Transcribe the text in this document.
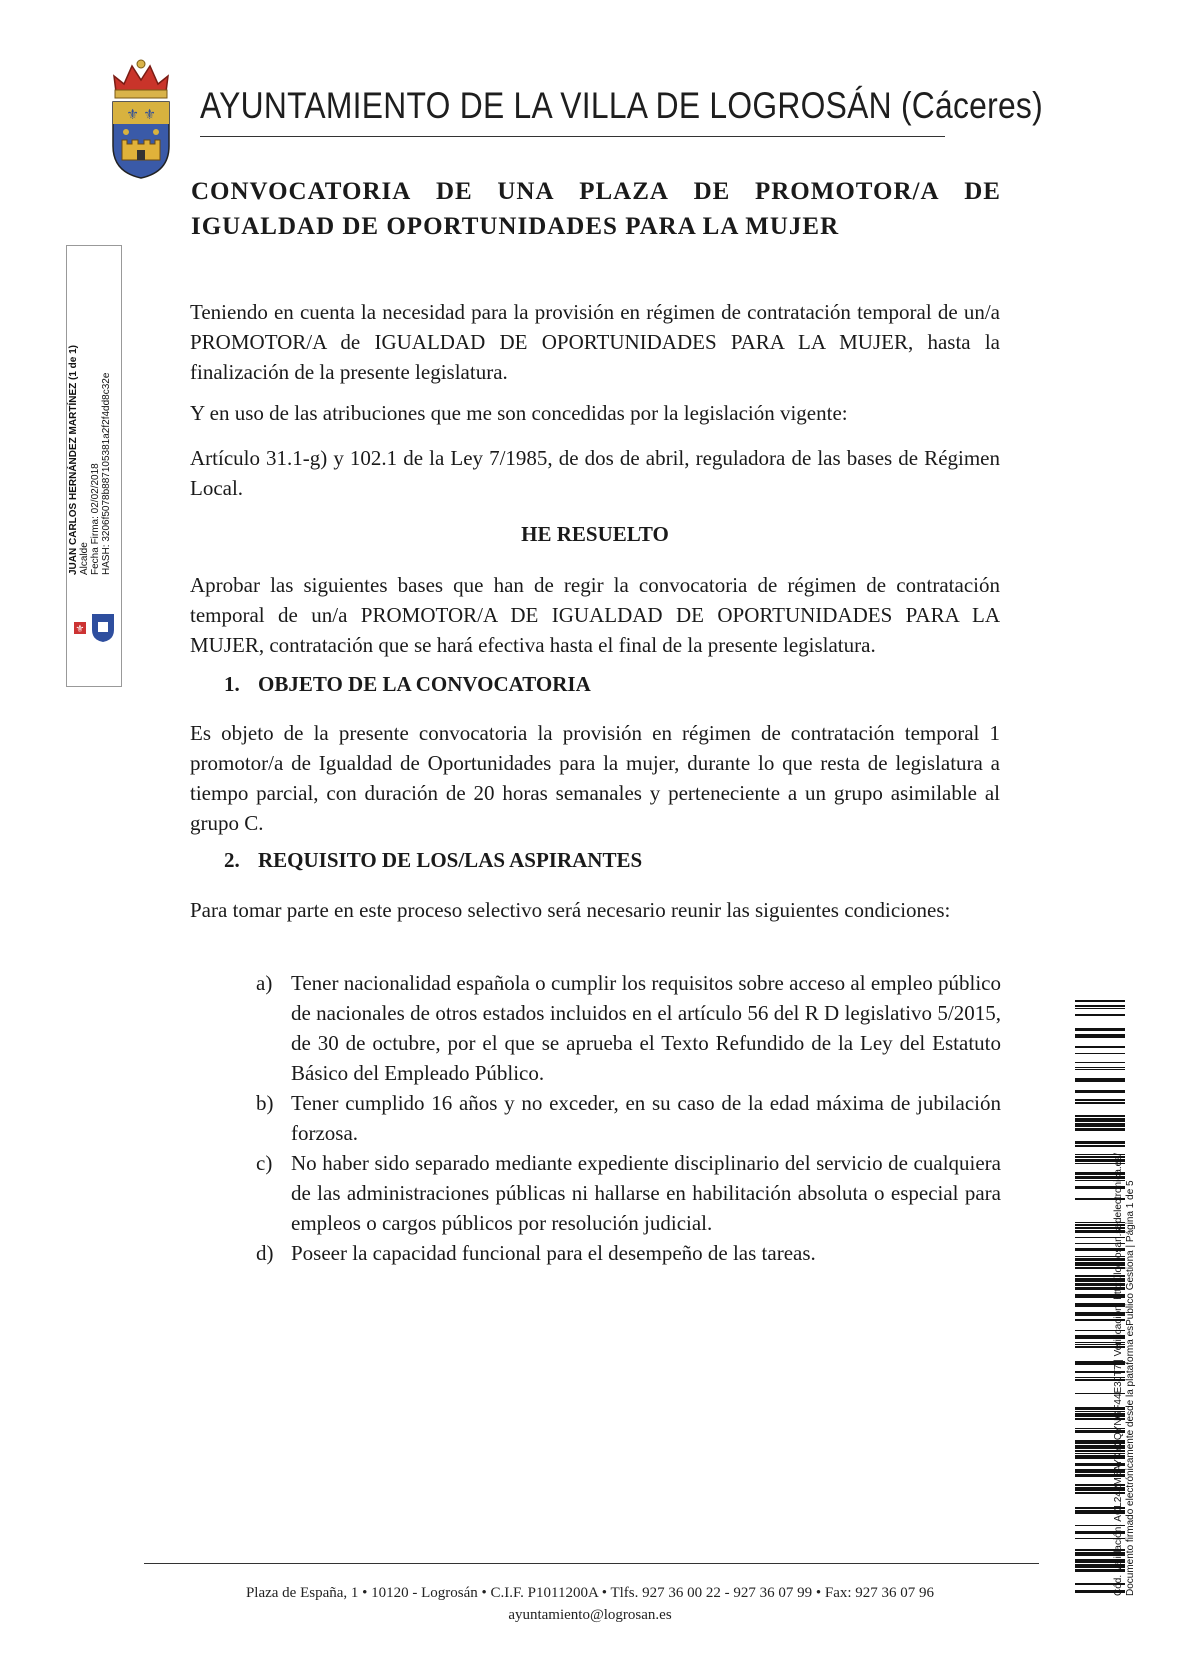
⚜ ⚜ AYUNTAMIENTO DE LA VILLA DE LOGROSÁN (Cáceres)
CONVOCATORIA DE UNA PLAZA DE PROMOTOR/A DE
IGUALDAD DE OPORTUNIDADES PARA LA MUJER
JUAN CARLOS HERNÁNDEZ MARTÍNEZ (1 de 1) Alcalde Fecha Firma: 02/02/2018 HASH: 3206f5078b887105381a2f2f4dd8c32e
⚜

Teniendo en cuenta la necesidad para la provisión en régimen de contratación temporal de un/a PROMOTOR/A de IGUALDAD DE OPORTUNIDADES PARA LA MUJER, hasta la finalización de la presente legislatura.

Y en uso de las atribuciones que me son concedidas por la legislación vigente:

Artículo 31.1-g) y 102.1 de la Ley 7/1985, de dos de abril, reguladora de las bases de Régimen Local.

HE RESUELTO

Aprobar las siguientes bases que han de regir la convocatoria de régimen de contratación temporal de un/a PROMOTOR/A DE IGUALDAD DE OPORTUNIDADES PARA LA MUJER, contratación que se hará efectiva hasta el final de la presente legislatura.

1. OBJETO DE LA CONVOCATORIA

Es objeto de la presente convocatoria la provisión en régimen de contratación temporal 1 promotor/a de Igualdad de Oportunidades para la mujer, durante lo que resta de legislatura a tiempo parcial, con duración de 20 horas semanales y perteneciente a un grupo asimilable al grupo C.

2. REQUISITO DE LOS/LAS ASPIRANTES

Para tomar parte en este proceso selectivo será necesario reunir las siguientes condiciones:

a) Tener nacionalidad española o cumplir los requisitos sobre acceso al empleo público de nacionales de otros estados incluidos en el artículo 56 del R D legislativo 5/2015, de 30 de octubre, por el que se aprueba el Texto Refundido de la Ley del Estatuto Básico del Empleado Público.
b) Tener cumplido 16 años y no exceder, en su caso de la edad máxima de jubilación forzosa.
c) No haber sido separado mediante expediente disciplinario del servicio de cualquiera de las administraciones públicas ni hallarse en habilitación absoluta o especial para empleos o cargos públicos por resolución judicial.
d) Poseer la capacidad funcional para el desempeño de las tareas.	Cód. Validación: ACL242M5AYKY2QYNGF44E3JT7 | Verificación: http://logrosan.sedelectronica.es/ Documento firmado electrónicamente desde la plataforma esPublico Gestiona | Página 1 de 5
Plaza de España, 1 • 10120 - Logrosán • C.I.F. P1011200A • Tlfs. 927 36 00 22 - 927 36 07 99 • Fax: 927 36 07 96
ayuntamiento@logrosan.es
